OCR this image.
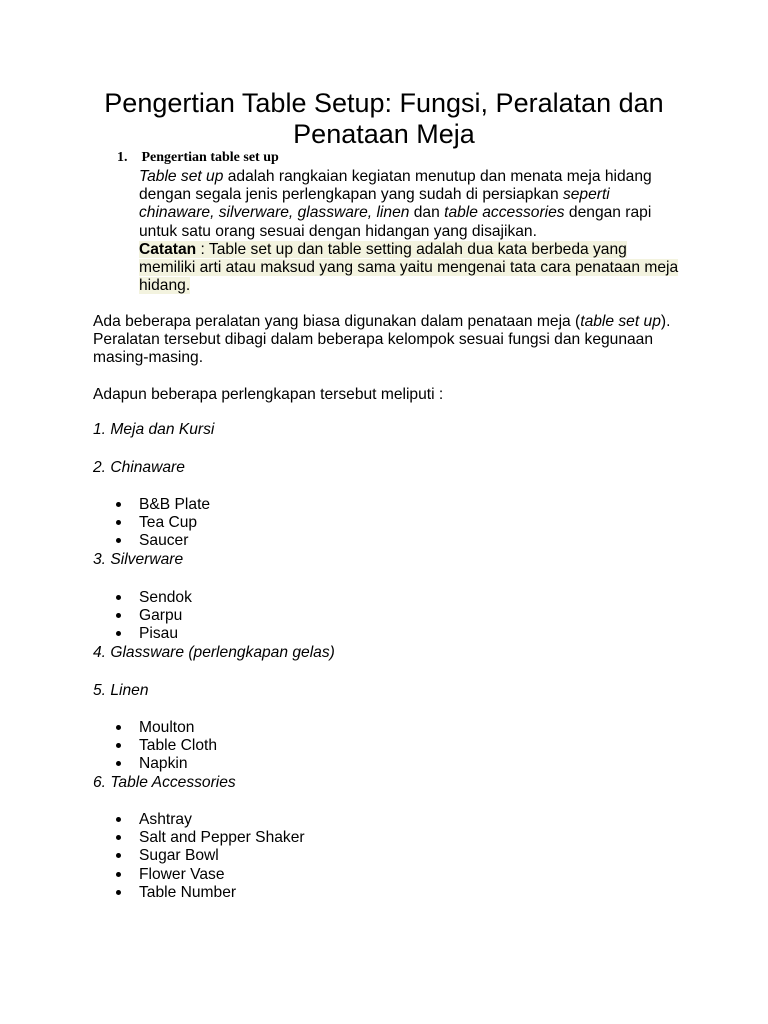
Pengertian Table Setup: Fungsi, Peralatan dan Penataan Meja
1. Pengertian table set up
Table set up adalah rangkaian kegiatan menutup dan menata meja hidang dengan segala jenis perlengkapan yang sudah di persiapkan seperti chinaware, silverware, glassware, linen dan table accessories dengan rapi untuk satu orang sesuai dengan hidangan yang disajikan.
Catatan : Table set up dan table setting adalah dua kata berbeda yang memiliki arti atau maksud yang sama yaitu mengenai tata cara penataan meja hidang.

Ada beberapa peralatan yang biasa digunakan dalam penataan meja (table set up). Peralatan tersebut dibagi dalam beberapa kelompok sesuai fungsi dan kegunaan masing-masing.

Adapun beberapa perlengkapan tersebut meliputi :

1. Meja dan Kursi
2. Chinaware
B&B Plate
Tea Cup
Saucer
3. Silverware
Sendok
Garpu
Pisau
4. Glassware (perlengkapan gelas)
5. Linen
Moulton
Table Cloth
Napkin
6. Table Accessories
Ashtray
Salt and Pepper Shaker
Sugar Bowl
Flower Vase
Table Number
